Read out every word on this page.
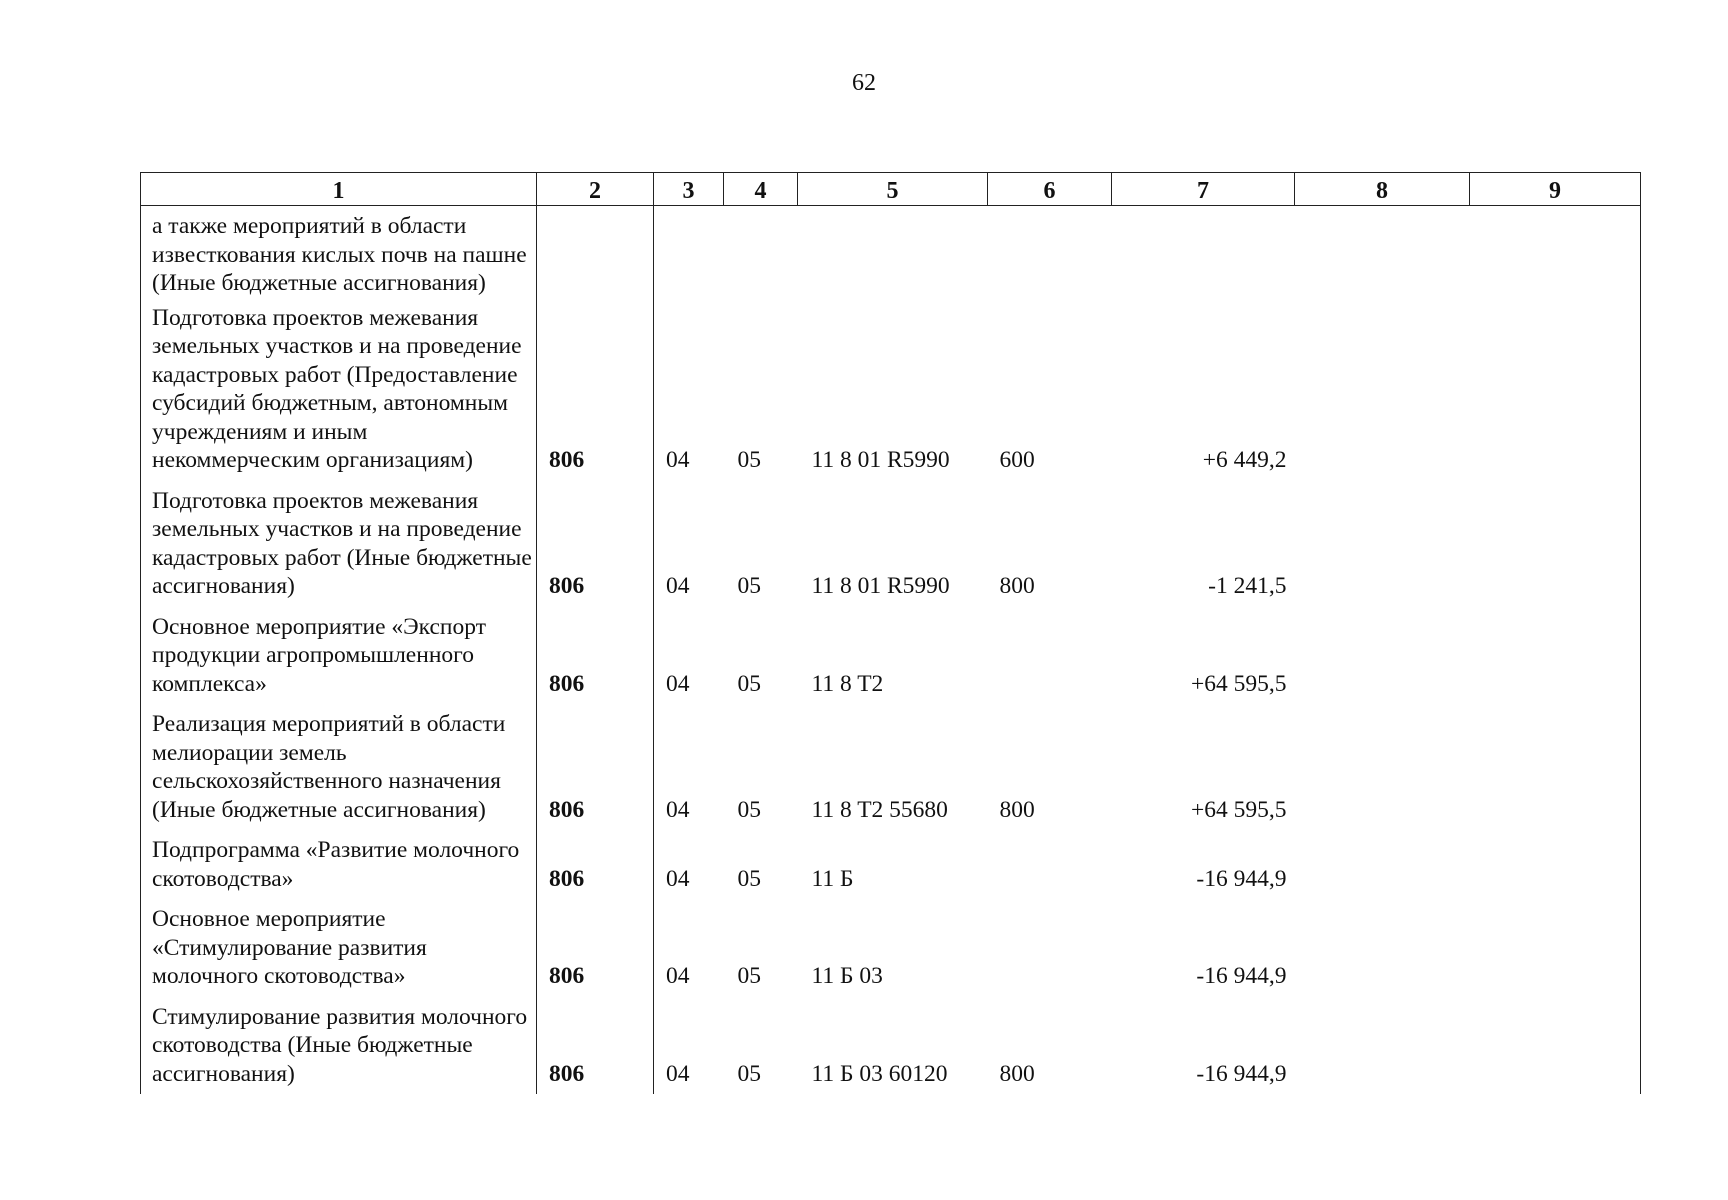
62
1	2	3	4	5	6	7	8	9
а также мероприятий в области известкования кислых почв на пашне (Иные бюджетные ассигнования)								
Подготовка проектов межевания земельных участков и на проведение кадастровых работ (Предоставление субсидий бюджетным, автономным учреждениям и иным некоммерческим организациям)	806	04	05	11 8 01 R5990	600	+6 449,2		
Подготовка проектов межевания земельных участков и на проведение кадастровых работ (Иные бюджетные ассигнования)	806	04	05	11 8 01 R5990	800	-1 241,5		
Основное мероприятие «Экспорт продукции агропромышленного комплекса»	806	04	05	11 8 T2		+64 595,5		
Реализация мероприятий в области мелиорации земель сельскохозяйственного назначения (Иные бюджетные ассигнования)	806	04	05	11 8 T2 55680	800	+64 595,5		
Подпрограмма «Развитие молочного скотоводства»	806	04	05	11 Б		-16 944,9		
Основное мероприятие «Стимулирование развития молочного скотоводства»	806	04	05	11 Б 03		-16 944,9		
Стимулирование развития молочного скотоводства (Иные бюджетные ассигнования)	806	04	05	11 Б 03 60120	800	-16 944,9		
